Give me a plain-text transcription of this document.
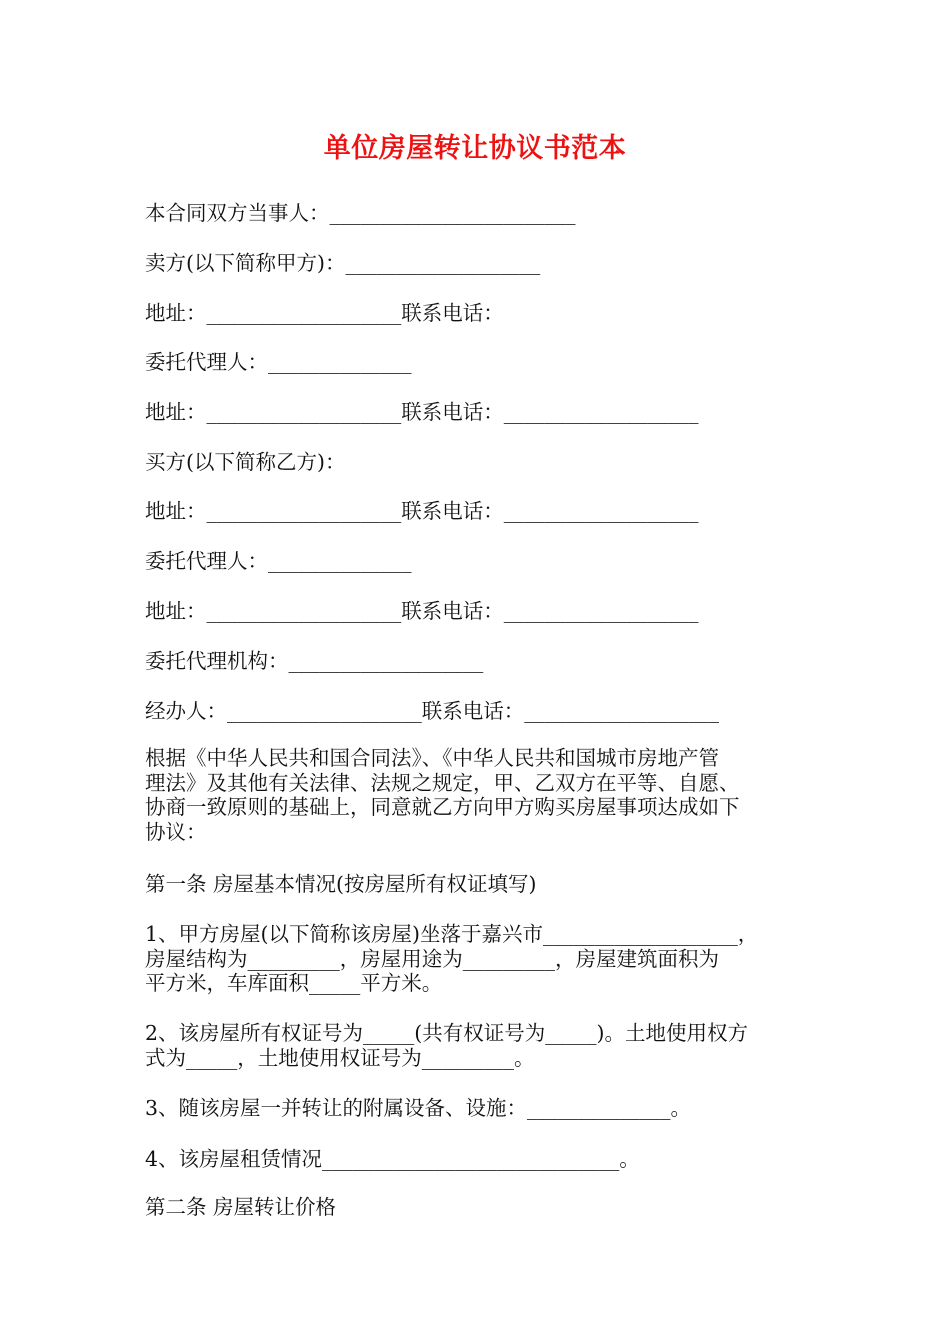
单位房屋转让协议书范本
本合同双方当事人：________________________
卖方(以下简称甲方)：___________________
地址：___________________联系电话：
委托代理人：______________
地址：___________________联系电话：___________________
买方(以下简称乙方)：
地址：___________________联系电话：___________________
委托代理人：______________
地址：___________________联系电话：___________________
委托代理机构：___________________
经办人：___________________联系电话：___________________
根据《中华人民共和国合同法》、《中华人民共和国城市房地产管
理法》及其他有关法律、法规之规定，甲、乙双方在平等、自愿、
协商一致原则的基础上，同意就乙方向甲方购买房屋事项达成如下
协议：
第一条 房屋基本情况(按房屋所有权证填写)
1、甲方房屋(以下简称该房屋)坐落于嘉兴市___________________，
房屋结构为_________，房屋用途为_________，房屋建筑面积为
平方米，车库面积_____平方米。
2、该房屋所有权证号为_____(共有权证号为_____)。土地使用权方
式为_____，土地使用权证号为_________。
3、随该房屋一并转让的附属设备、设施：______________。
4、该房屋租赁情况_____________________________。
第二条 房屋转让价格
